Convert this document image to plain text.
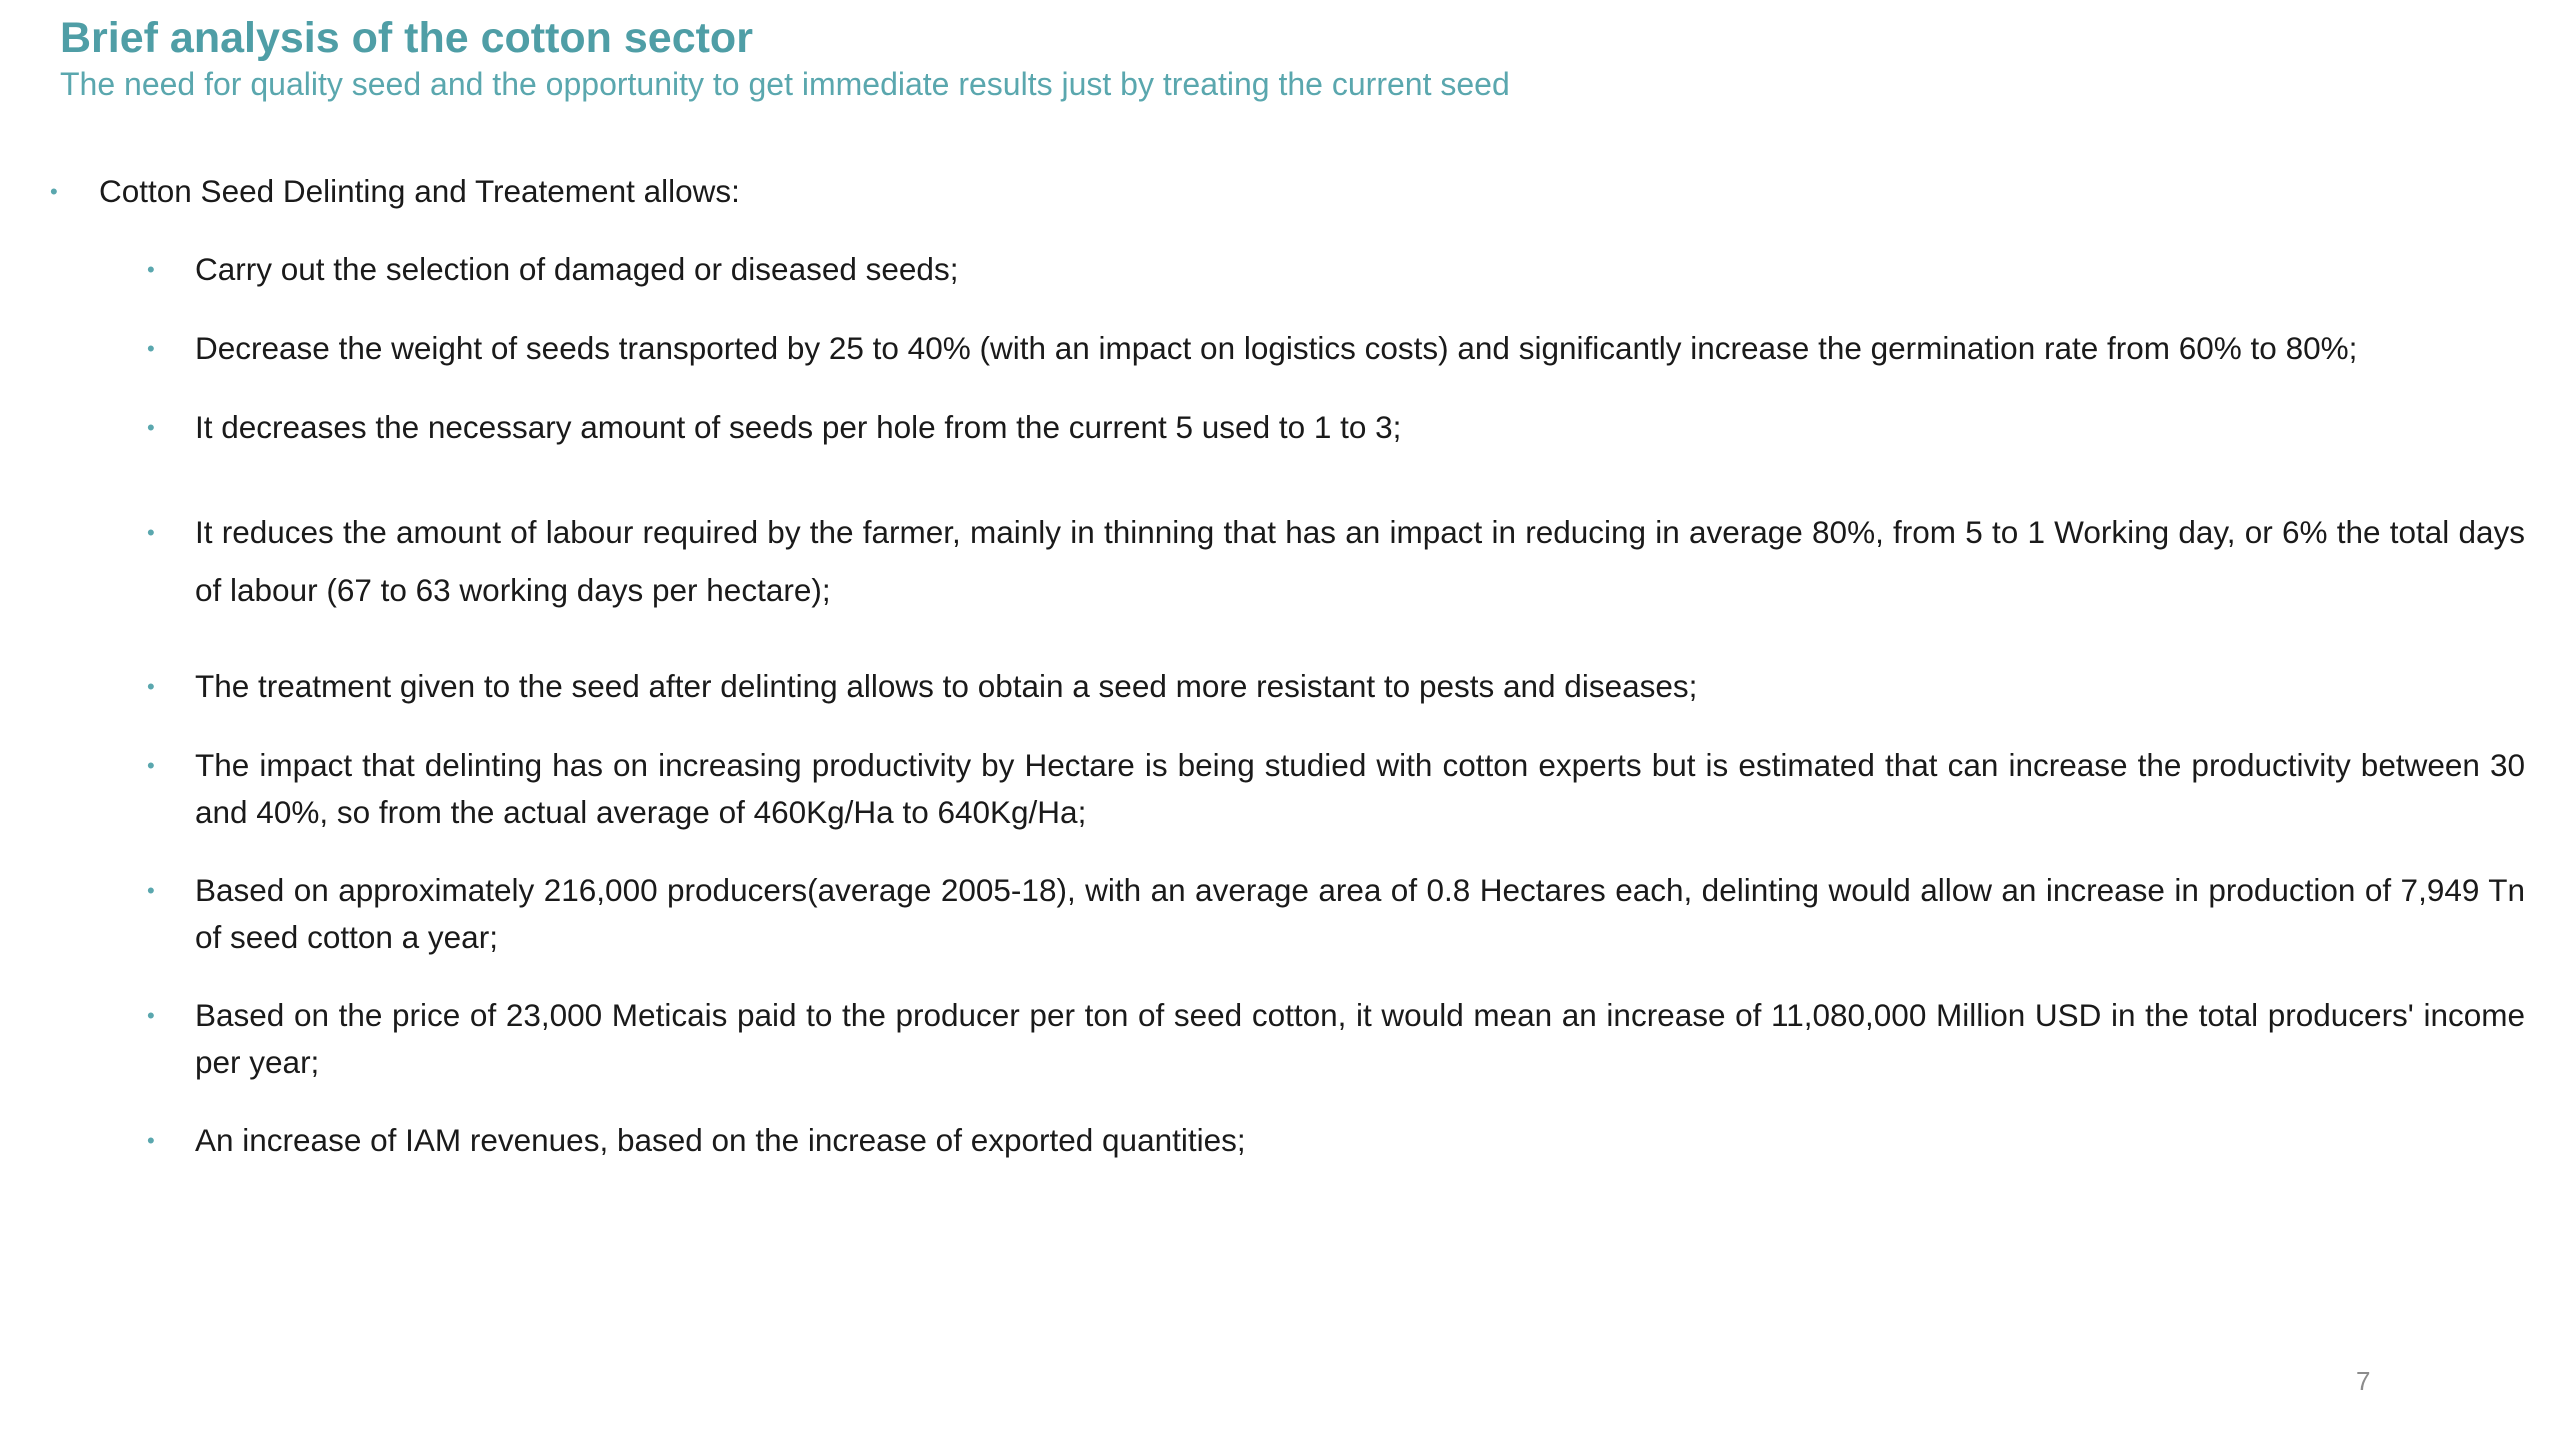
Brief analysis of the cotton sector
The need for quality seed and the opportunity to get immediate results just by treating the current seed
• Cotton Seed Delinting and Treatement allows:
• Carry out the selection of damaged or diseased seeds;
• Decrease the weight of seeds transported by 25 to 40% (with an impact on logistics costs) and significantly increase the germination rate from 60% to 80%;
• It decreases the necessary amount of seeds per hole from the current 5 used to 1 to 3;
• It reduces the amount of labour required by the farmer, mainly in thinning that has an impact in reducing in average 80%, from 5 to 1 Working day, or 6% the total days of labour (67 to 63 working days per hectare);
• The treatment given to the seed after delinting allows to obtain a seed more resistant to pests and diseases;
• The impact that delinting has on increasing productivity by Hectare is being studied with cotton experts but is estimated that can increase the productivity between 30 and 40%, so from the actual average of 460Kg/Ha to 640Kg/Ha;
• Based on approximately 216,000 producers(average 2005-18), with an average area of 0.8 Hectares each, delinting would allow an increase in production of 7,949 Tn of seed cotton a year;
• Based on the price of 23,000 Meticais paid to the producer per ton of seed cotton, it would mean an increase of 11,080,000 Million USD in the total producers' income per year;
• An increase of IAM revenues, based on the increase of exported quantities;
7
